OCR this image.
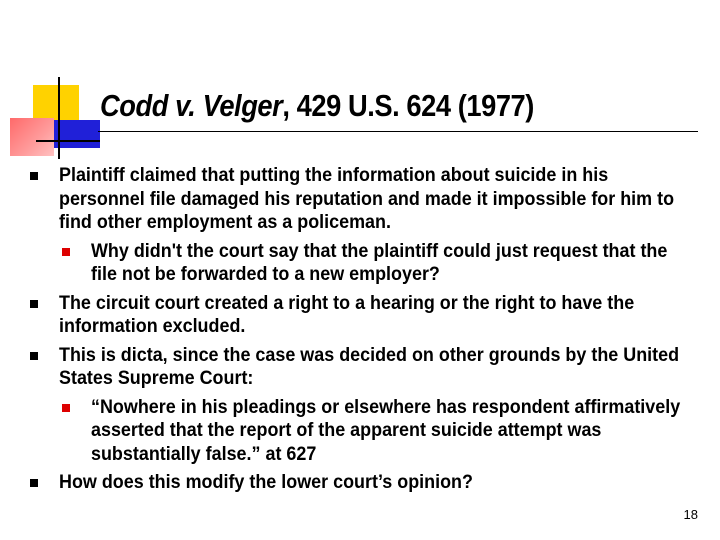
Codd v. Velger, 429 U.S. 624 (1977)
Plaintiff claimed that putting the information about suicide in his personnel file damaged his reputation and made it impossible for him to find other employment as a policeman.
Why didn't the court say that the plaintiff could just request that the file not be forwarded to a new employer?
The circuit court created a right to a hearing or the right to have the information excluded.
This is dicta, since the case was decided on other grounds by the United States Supreme Court:
“Nowhere in his pleadings or elsewhere has respondent affirmatively asserted that the report of the apparent suicide attempt was substantially false.” at 627
How does this modify the lower court’s opinion?
18
